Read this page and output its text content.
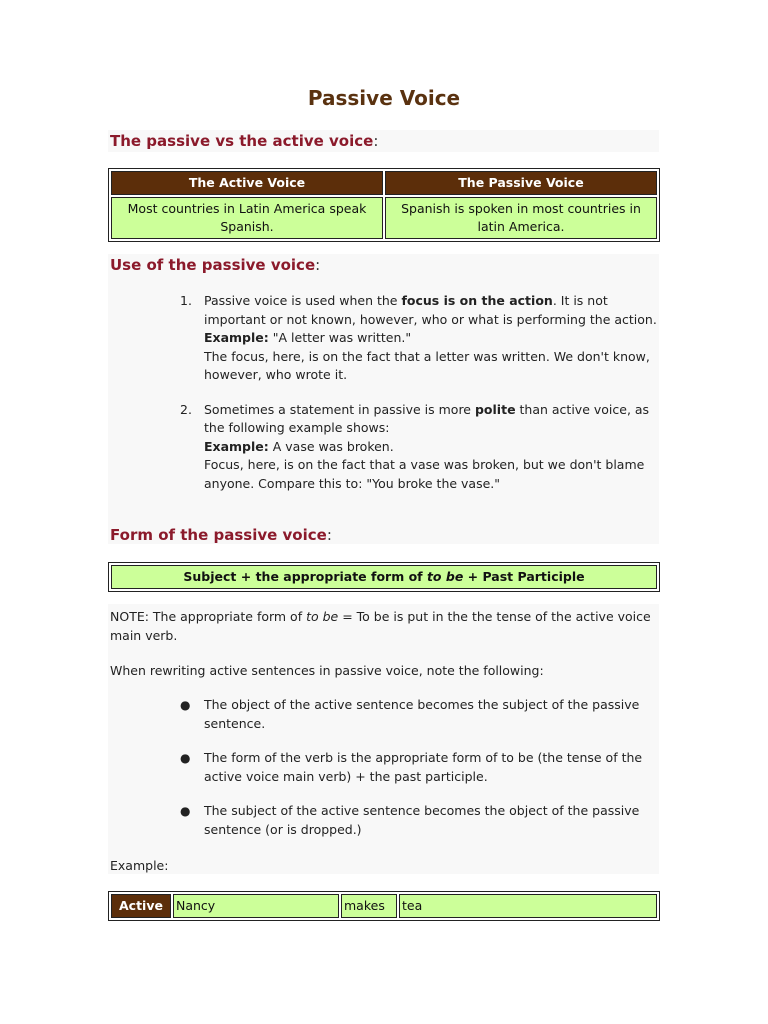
Passive Voice
The passive vs the active voice:
The Active Voice	The Passive Voice
Most countries in Latin America speak Spanish.	Spanish is spoken in most countries in latin America.
Use of the passive voice:
1. Passive voice is used when the focus is on the action. It is not important or not known, however, who or what is performing the action.
Example: "A letter was written."
The focus, here, is on the fact that a letter was written. We don't know, however, who wrote it.
2. Sometimes a statement in passive is more polite than active voice, as the following example shows:
Example: A vase was broken.
Focus, here, is on the fact that a vase was broken, but we don't blame anyone. Compare this to: "You broke the vase."
Form of the passive voice:
Subject + the appropriate form of to be + Past Participle
NOTE: The appropriate form of to be = To be is put in the the tense of the active voice main verb.
When rewriting active sentences in passive voice, note the following:
● The object of the active sentence becomes the subject of the passive sentence.
● The form of the verb is the appropriate form of to be (the tense of the active voice main verb) + the past participle.
● The subject of the active sentence becomes the object of the passive sentence (or is dropped.)
Example:
Active	Nancy	makes	tea
